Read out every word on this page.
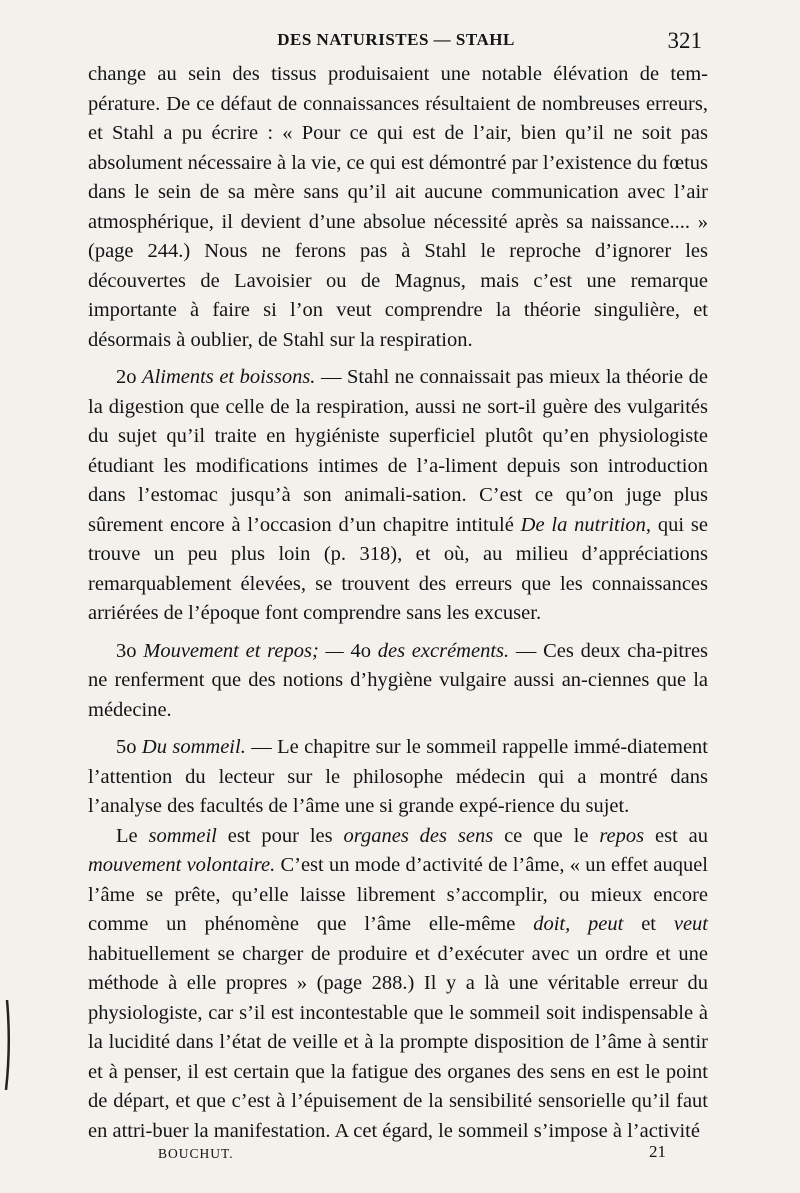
DES NATURISTES — STAHL	321

change au sein des tissus produisaient une notable élévation de tem-pérature. De ce défaut de connaissances résultaient de nombreuses erreurs, et Stahl a pu écrire : « Pour ce qui est de l’air, bien qu’il ne soit pas absolument nécessaire à la vie, ce qui est démontré par l’existence du fœtus dans le sein de sa mère sans qu’il ait aucune communication avec l’air atmosphérique, il devient d’une absolue nécessité après sa naissance.... » (page 244.) Nous ne ferons pas à Stahl le reproche d’ignorer les découvertes de Lavoisier ou de Magnus, mais c’est une remarque importante à faire si l’on veut comprendre la théorie singulière, et désormais à oublier, de Stahl sur la respiration.

2o Aliments et boissons. — Stahl ne connaissait pas mieux la théorie de la digestion que celle de la respiration, aussi ne sort-il guère des vulgarités du sujet qu’il traite en hygiéniste superficiel plutôt qu’en physiologiste étudiant les modifications intimes de l’a-liment depuis son introduction dans l’estomac jusqu’à son animali-sation. C’est ce qu’on juge plus sûrement encore à l’occasion d’un chapitre intitulé De la nutrition, qui se trouve un peu plus loin (p. 318), et où, au milieu d’appréciations remarquablement élevées, se trouvent des erreurs que les connaissances arriérées de l’époque font comprendre sans les excuser.

3o Mouvement et repos; — 4o des excréments. — Ces deux cha-pitres ne renferment que des notions d’hygiène vulgaire aussi an-ciennes que la médecine.

5o Du sommeil. — Le chapitre sur le sommeil rappelle immé-diatement l’attention du lecteur sur le philosophe médecin qui a montré dans l’analyse des facultés de l’âme une si grande expé-rience du sujet.

Le sommeil est pour les organes des sens ce que le repos est au mouvement volontaire. C’est un mode d’activité de l’âme, « un effet auquel l’âme se prête, qu’elle laisse librement s’accomplir, ou mieux encore comme un phénomène que l’âme elle-même doit, peut et veut habituellement se charger de produire et d’exécuter avec un ordre et une méthode à elle propres » (page 288.) Il y a là une véritable erreur du physiologiste, car s’il est incontestable que le sommeil soit indispensable à la lucidité dans l’état de veille et à la prompte disposition de l’âme à sentir et à penser, il est certain que la fatigue des organes des sens en est le point de départ, et que c’est à l’épuisement de la sensibilité sensorielle qu’il faut en attri-buer la manifestation. A cet égard, le sommeil s’impose à l’activité

BOUCHUT.	21
